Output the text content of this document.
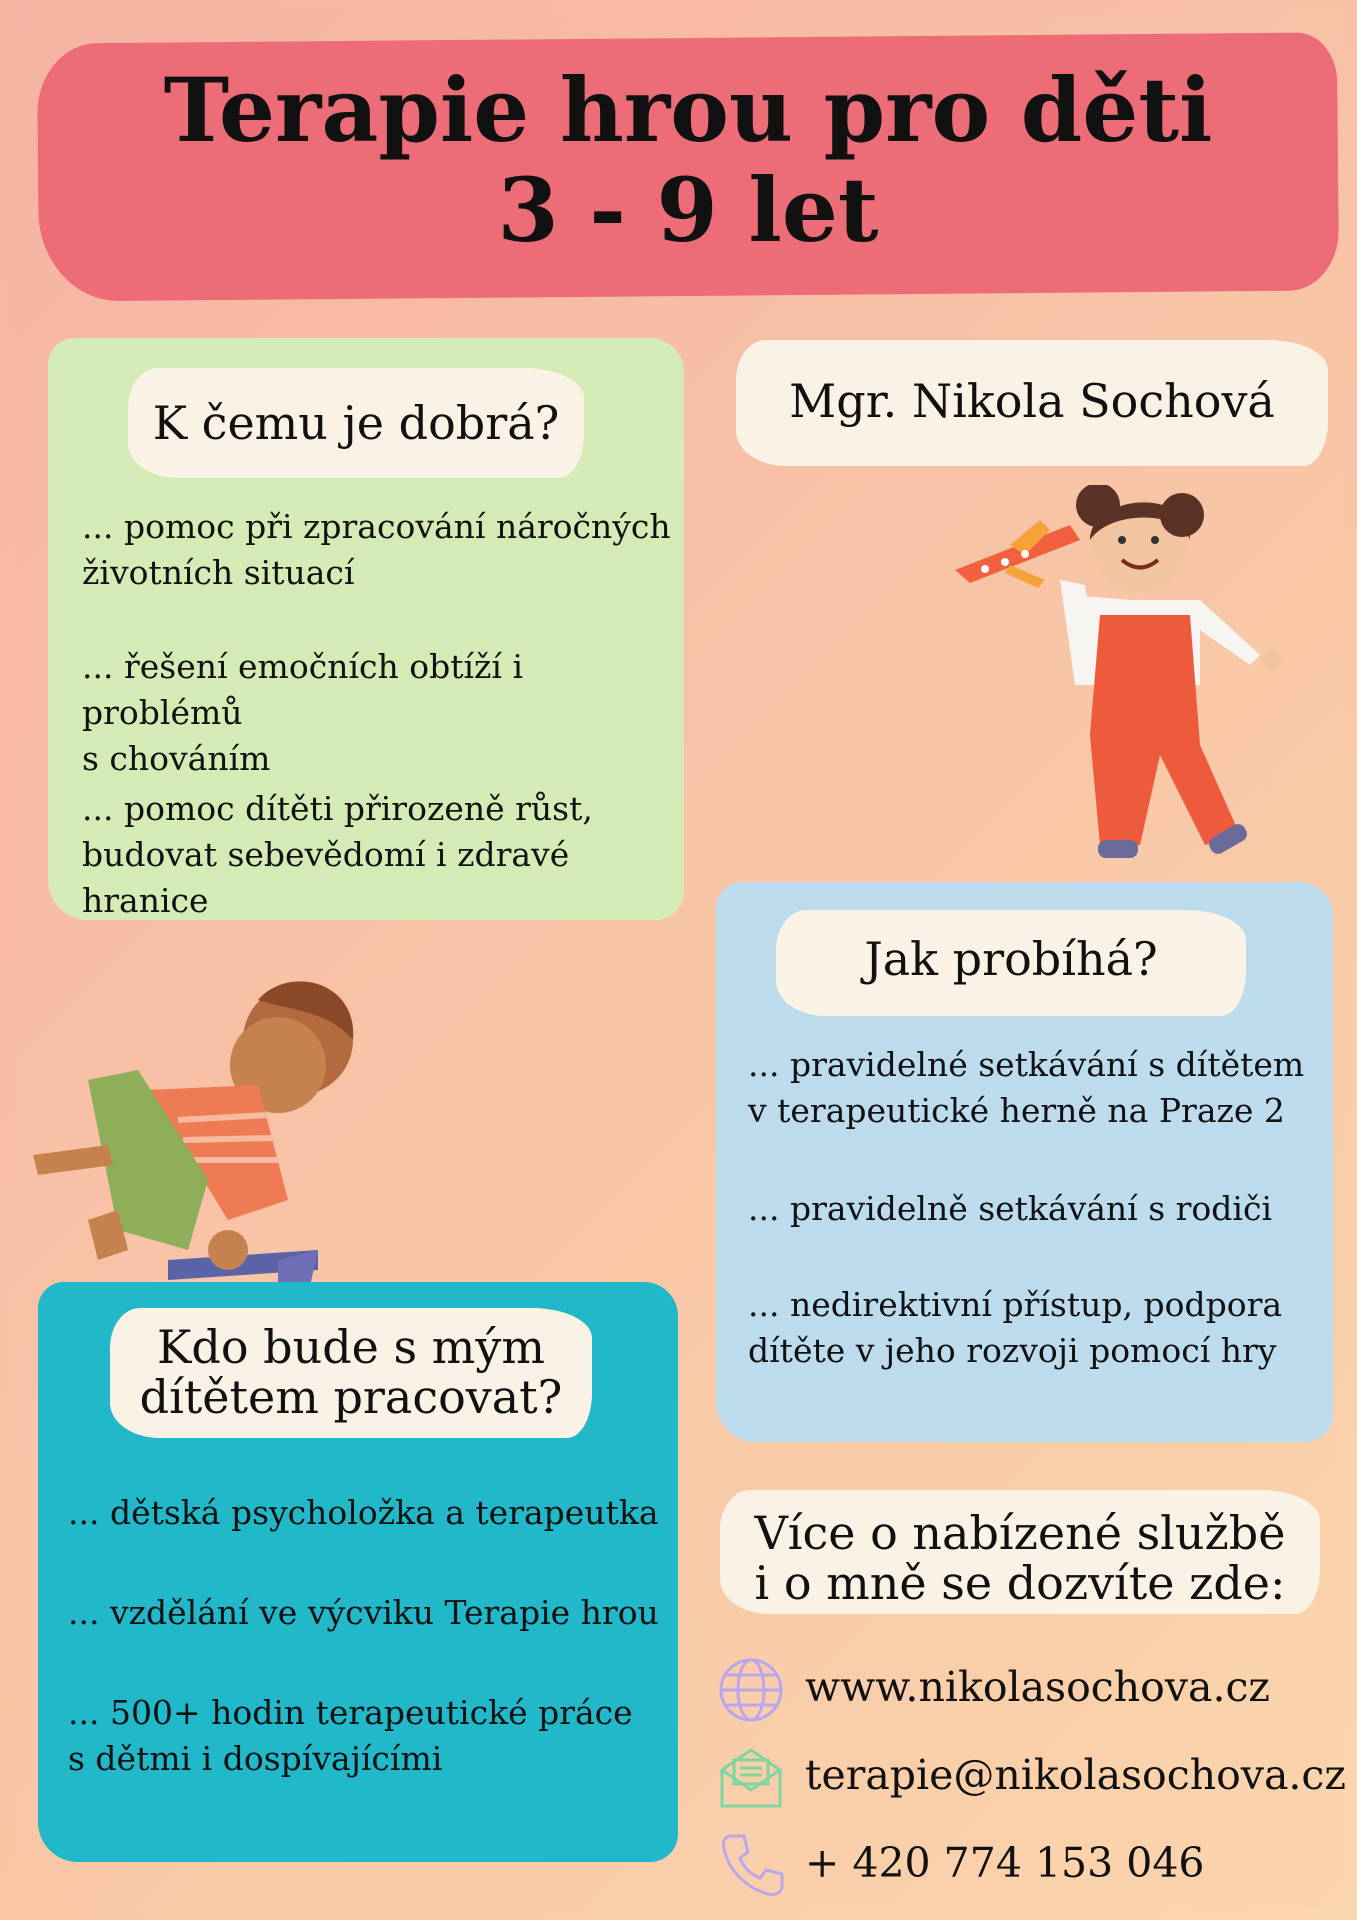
Terapie hrou pro děti
3 - 9 let
K čemu je dobrá?
... pomoc při zpracování náročných
životních situací
... řešení emočních obtíží i problémů
s chováním
... pomoc dítěti přirozeně růst,
budovat sebevědomí i zdravé hranice
Mgr. Nikola Sochová
Jak probíhá?
... pravidelné setkávání s dítětem
v terapeutické herně na Praze 2
... pravidelně setkávání s rodiči
... nedirektivní přístup, podpora
dítěte v jeho rozvoji pomocí hry
Kdo bude s mým
dítětem pracovat?
... dětská psycholožka a terapeutka
... vzdělání ve výcviku Terapie hrou
... 500+ hodin terapeutické práce
s dětmi i dospívajícími
Více o nabízené službě
i o mně se dozvíte zde:
www.nikolasochova.cz
terapie@nikolasochova.cz
+ 420 774 153 046
